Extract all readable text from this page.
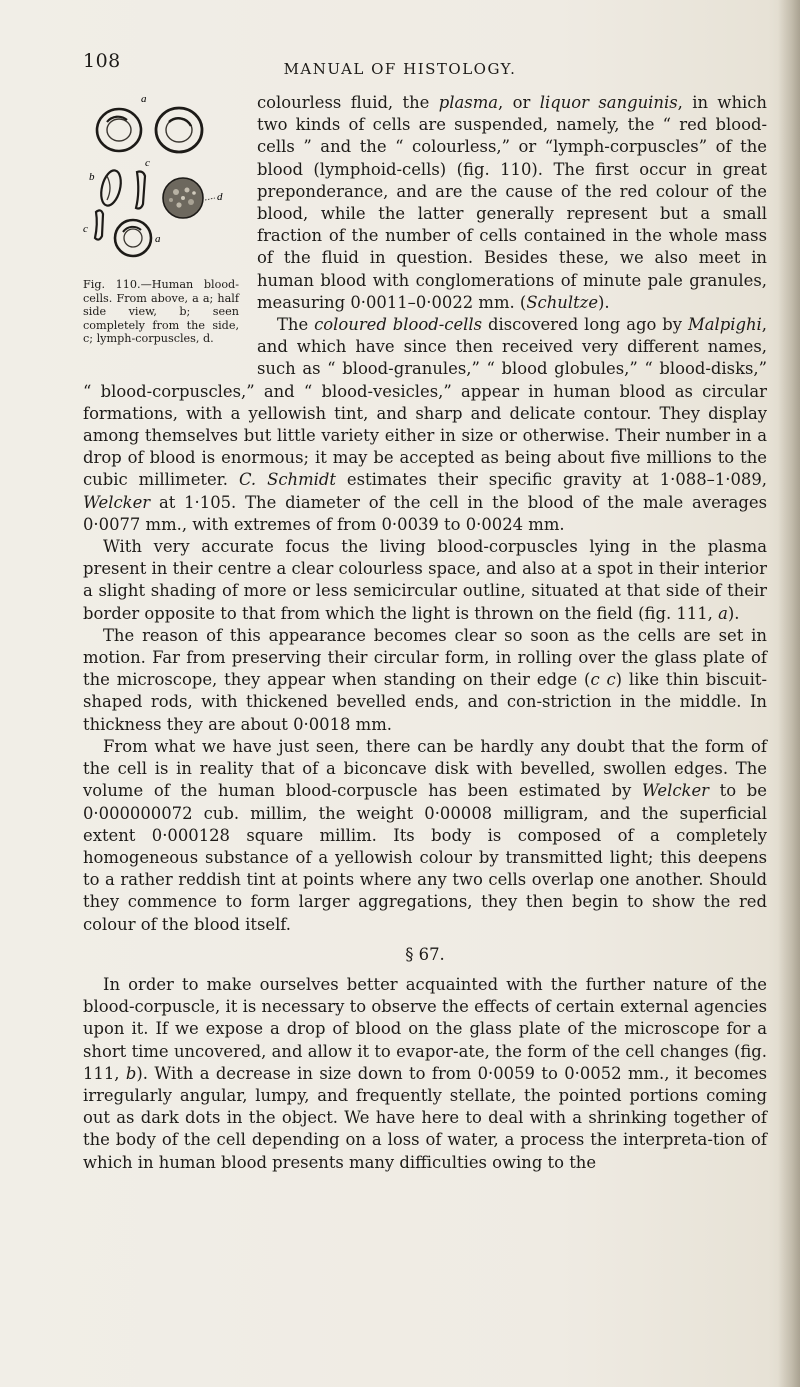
108	MANUAL OF HISTOLOGY.
a
b
c
c
d
a
Fig. 110.—Human blood-cells. From above, a a; half side view, b; seen completely from the side, c; lymph-corpuscles, d.

colourless fluid, the plasma, or liquor sanguinis, in which two kinds of cells are suspended, namely, the “ red blood-cells ” and the “ colourless,” or “lymph-corpuscles” of the blood (lymphoid-cells) (fig. 110). The first occur in great preponderance, and are the cause of the red colour of the blood, while the latter generally represent but a small fraction of the number of cells contained in the whole mass of the fluid in question. Besides these, we also meet in human blood with conglomerations of minute pale granules, measuring 0·0011–0·0022 mm. (Schultze).

The coloured blood-cells discovered long ago by Malpighi, and which have since then received very different names, such as “ blood-granules,” “ blood globules,” “ blood-disks,” “ blood-corpuscles,” and “ blood-vesicles,” appear in human blood as circular formations, with a yellowish tint, and sharp and delicate contour. They display among themselves but little variety either in size or otherwise. Their number in a drop of blood is enormous; it may be accepted as being about five millions to the cubic millimeter. C. Schmidt estimates their specific gravity at 1·088–1·089, Welcker at 1·105. The diameter of the cell in the blood of the male averages 0·0077 mm., with extremes of from 0·0039 to 0·0024 mm.

With very accurate focus the living blood-corpuscles lying in the plasma present in their centre a clear colourless space, and also at a spot in their interior a slight shading of more or less semicircular outline, situated at that side of their border opposite to that from which the light is thrown on the field (fig. 111, a).

The reason of this appearance becomes clear so soon as the cells are set in motion. Far from preserving their circular form, in rolling over the glass plate of the microscope, they appear when standing on their edge (c c) like thin biscuit-shaped rods, with thickened bevelled ends, and con-striction in the middle. In thickness they are about 0·0018 mm.

From what we have just seen, there can be hardly any doubt that the form of the cell is in reality that of a biconcave disk with bevelled, swollen edges. The volume of the human blood-corpuscle has been estimated by Welcker to be 0·000000072 cub. millim, the weight 0·00008 milligram, and the superficial extent 0·000128 square millim. Its body is composed of a completely homogeneous substance of a yellowish colour by transmitted light; this deepens to a rather reddish tint at points where any two cells overlap one another. Should they commence to form larger aggregations, they then begin to show the red colour of the blood itself.

§ 67.

In order to make ourselves better acquainted with the further nature of the blood-corpuscle, it is necessary to observe the effects of certain external agencies upon it. If we expose a drop of blood on the glass plate of the microscope for a short time uncovered, and allow it to evapor-ate, the form of the cell changes (fig. 111, b). With a decrease in size down to from 0·0059 to 0·0052 mm., it becomes irregularly angular, lumpy, and frequently stellate, the pointed portions coming out as dark dots in the object. We have here to deal with a shrinking together of the body of the cell depending on a loss of water, a process the interpreta-tion of which in human blood presents many difficulties owing to the
